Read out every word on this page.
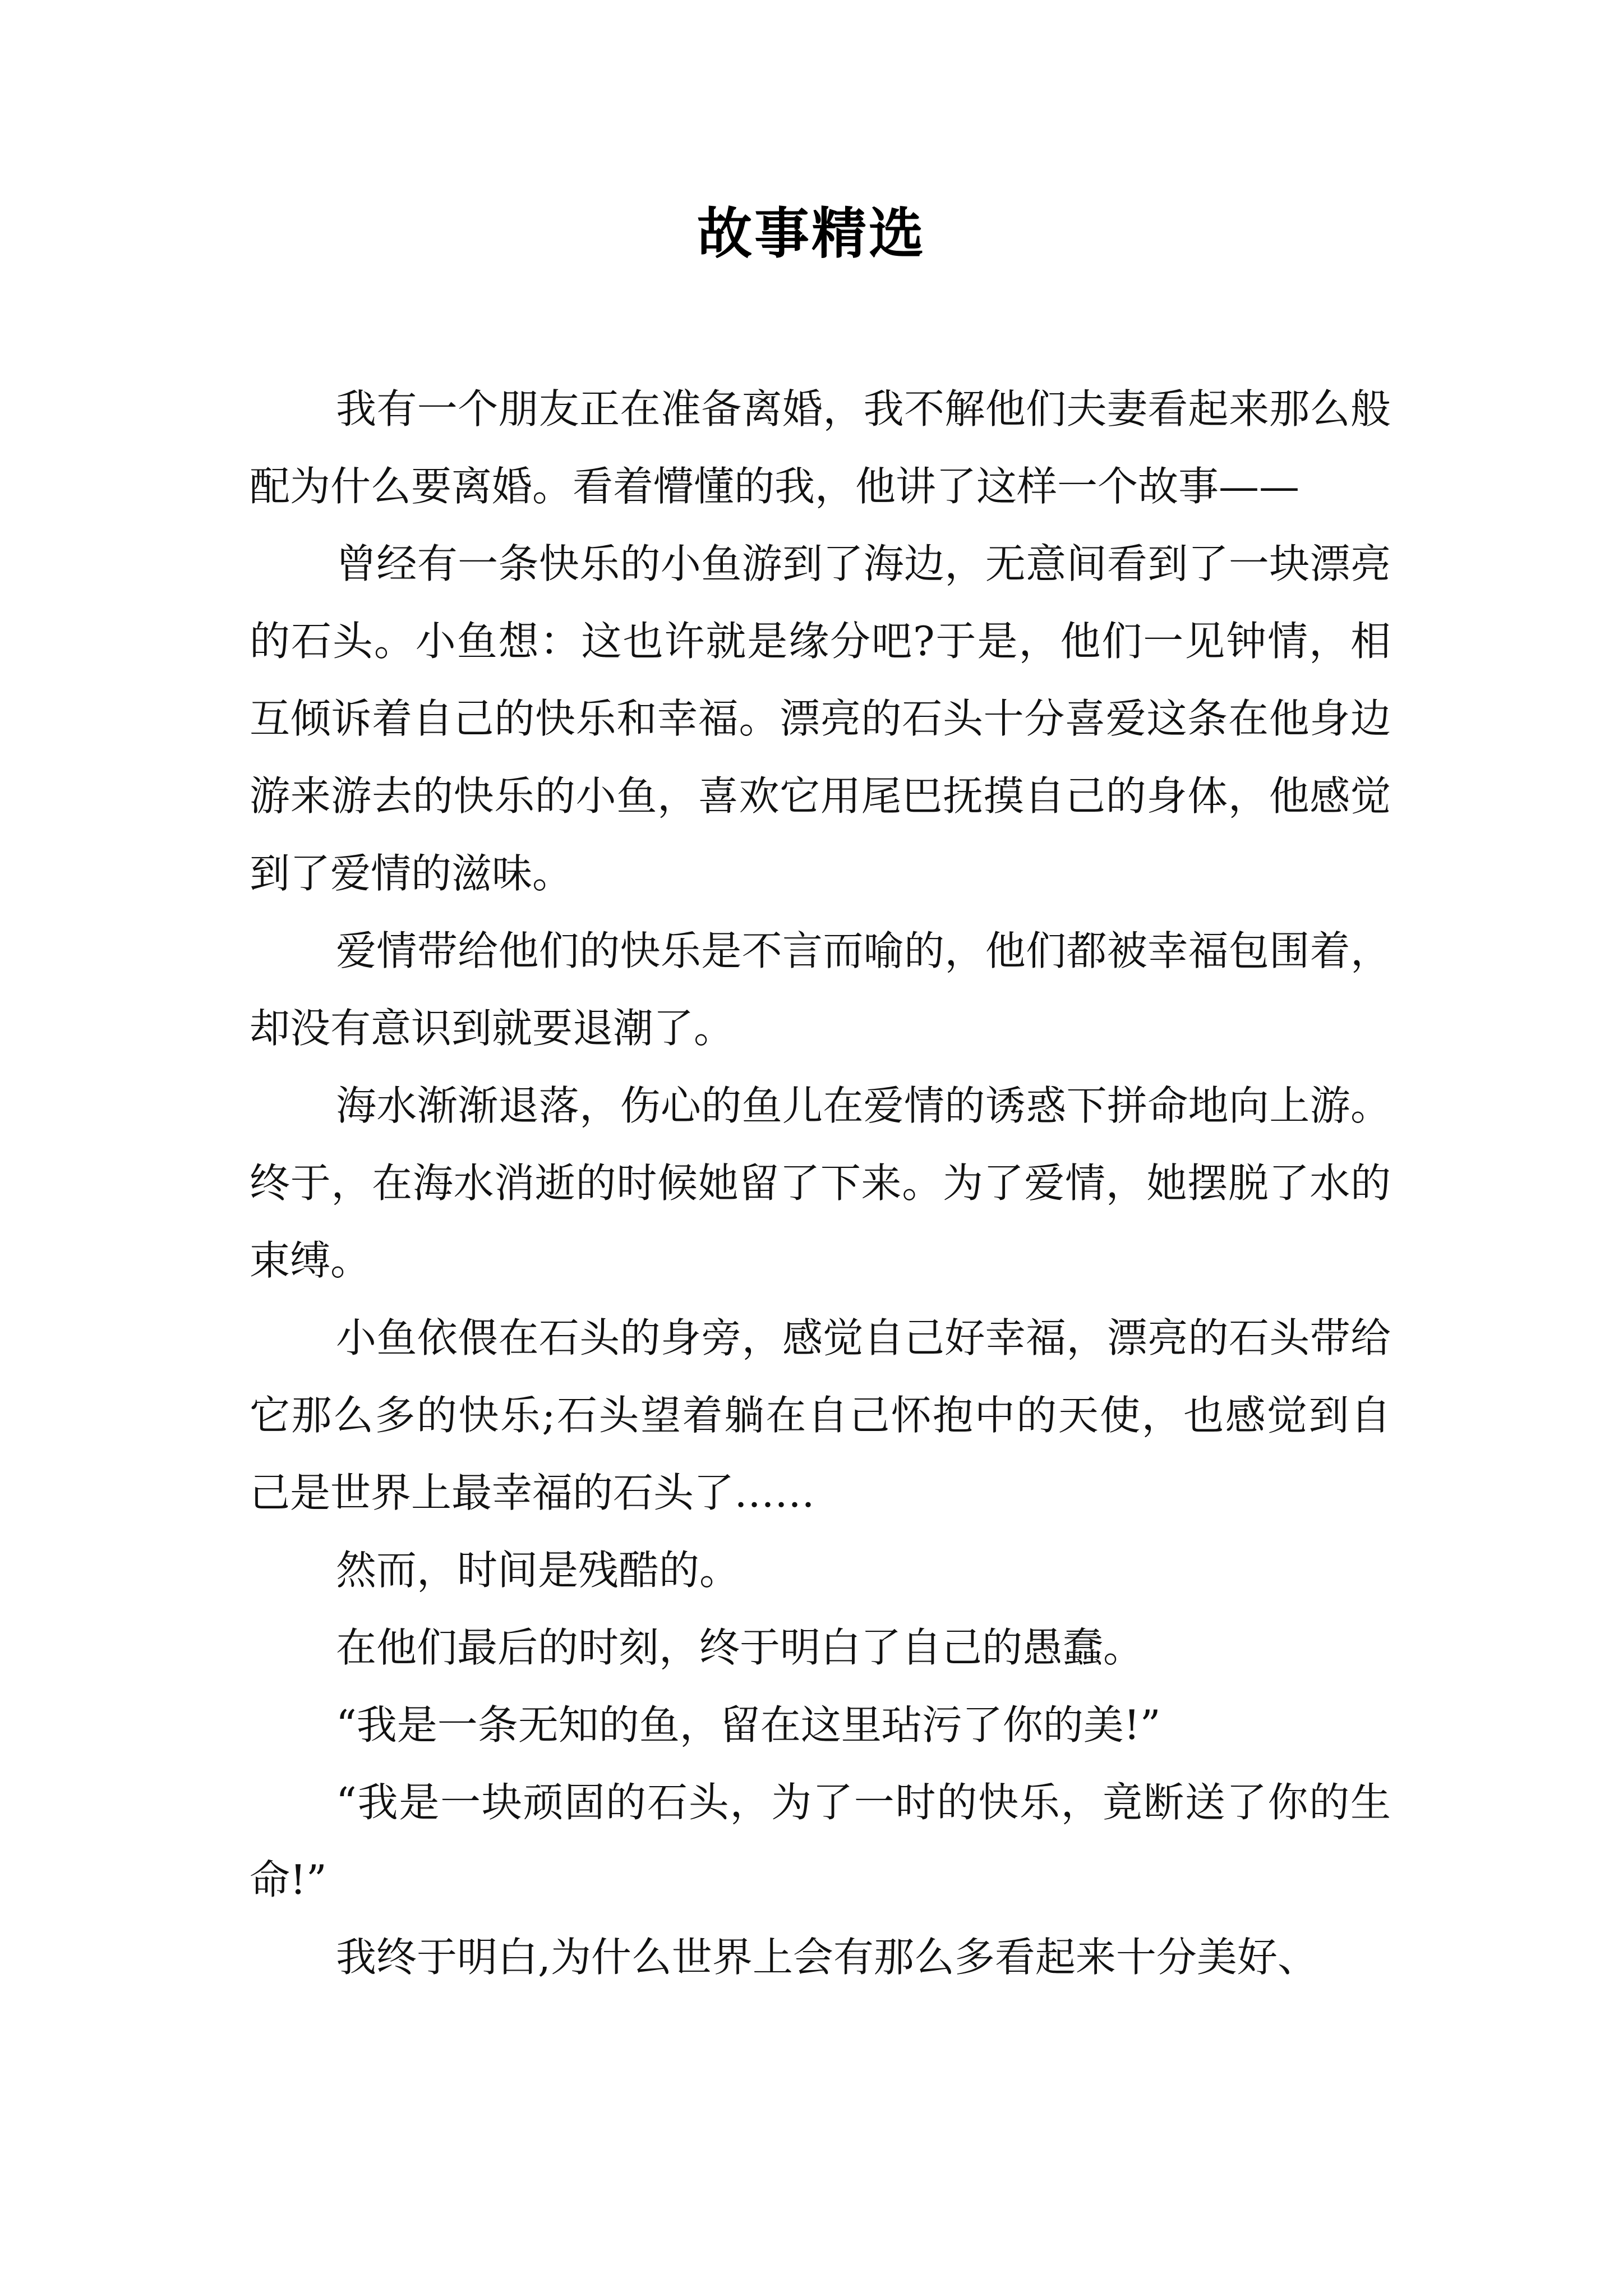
故事精选

我有一个朋友正在准备离婚，我不解他们夫妻看起来那么般配为什么要离婚。看着懵懂的我，他讲了这样一个故事——

曾经有一条快乐的小鱼游到了海边，无意间看到了一块漂亮的石头。小鱼想：这也许就是缘分吧?于是，他们一见钟情，相互倾诉着自己的快乐和幸福。漂亮的石头十分喜爱这条在他身边游来游去的快乐的小鱼，喜欢它用尾巴抚摸自己的身体，他感觉到了爱情的滋味。

爱情带给他们的快乐是不言而喻的，他们都被幸福包围着，却没有意识到就要退潮了。

海水渐渐退落，伤心的鱼儿在爱情的诱惑下拼命地向上游。终于，在海水消逝的时候她留了下来。为了爱情，她摆脱了水的束缚。

小鱼依偎在石头的身旁，感觉自己好幸福，漂亮的石头带给它那么多的快乐;石头望着躺在自己怀抱中的天使，也感觉到自己是世界上最幸福的石头了……

然而，时间是残酷的。

在他们最后的时刻，终于明白了自己的愚蠢。

“我是一条无知的鱼，留在这里玷污了你的美!”

“我是一块顽固的石头，为了一时的快乐，竟断送了你的生命!”

我终于明白,为什么世界上会有那么多看起来十分美好、
